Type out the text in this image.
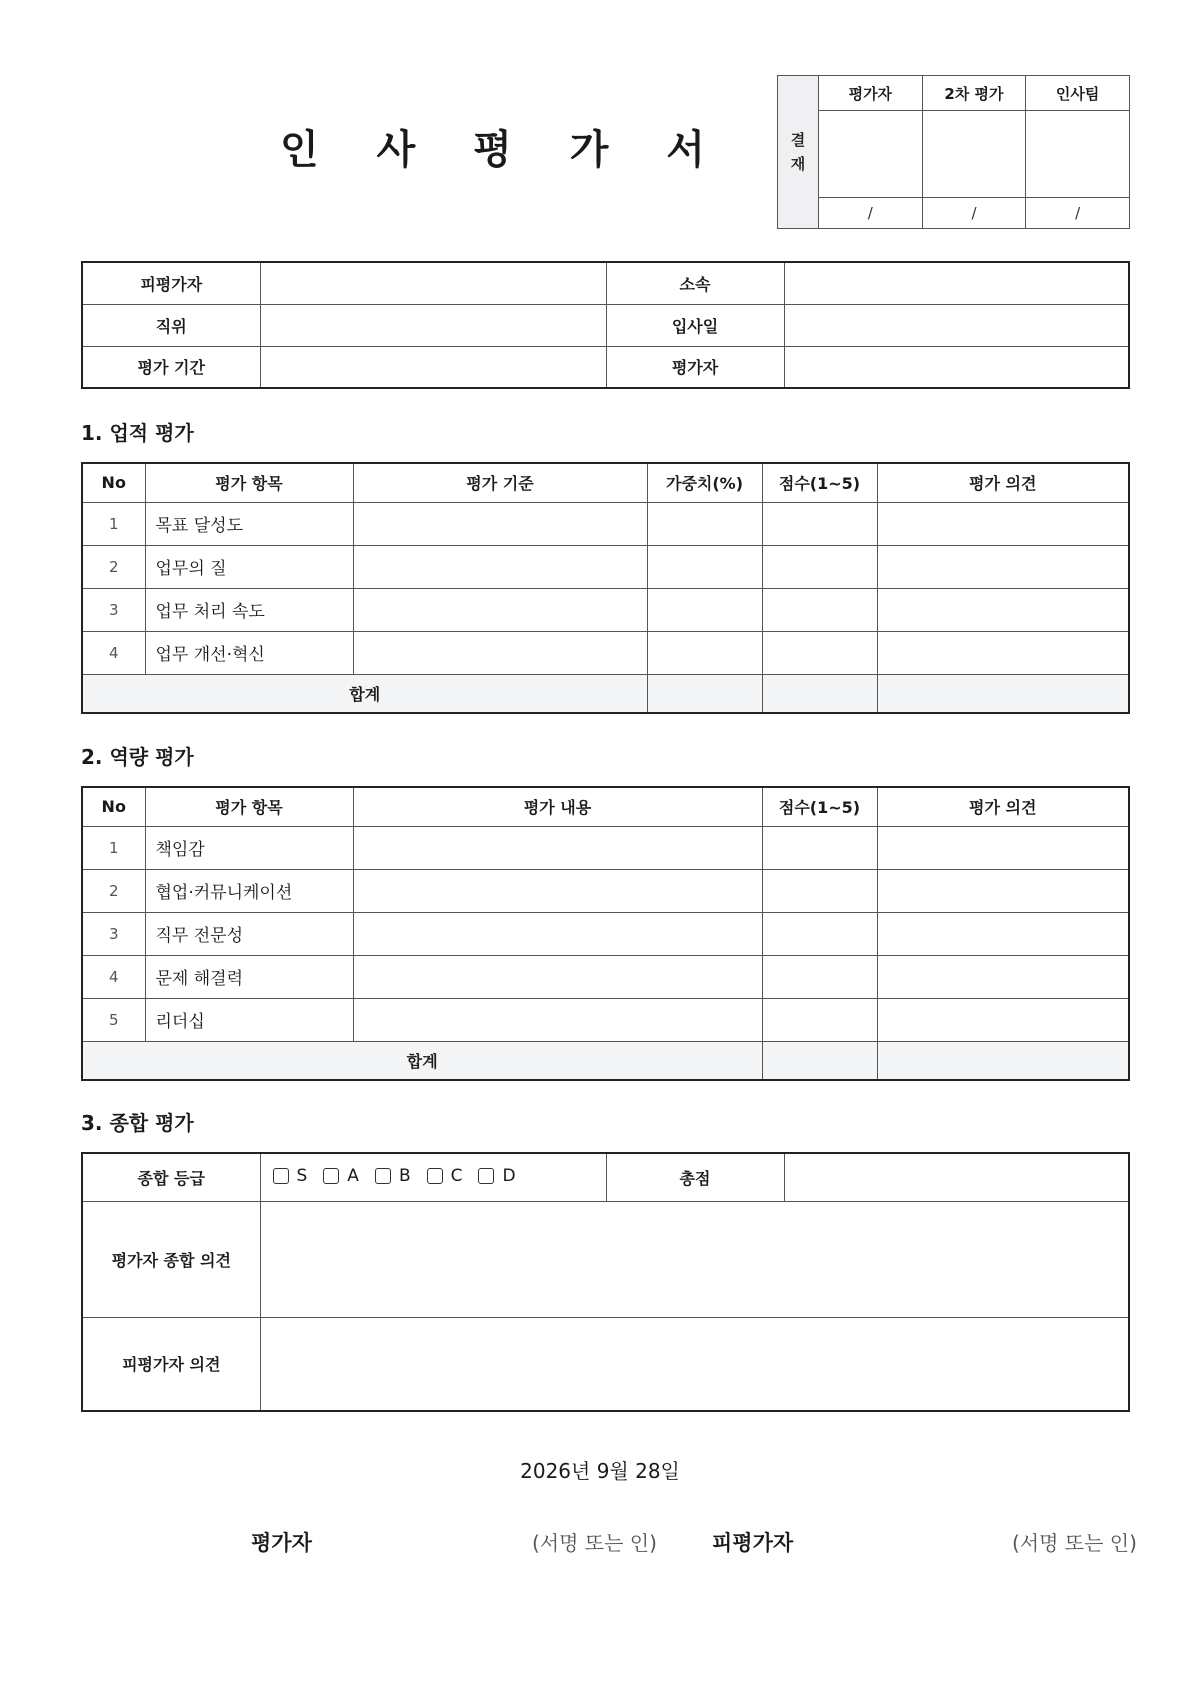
인 사 평 가 서	결
재	평가자	2차 평가	인사팀

	/	/	/
피평가자		소속	
직위		입사일	
평가 기간		평가자	
1. 업적 평가
No	평가 항목	평가 기준	가중치(%)	점수(1~5)	평가 의견
1	목표 달성도				
2	업무의 질				
3	업무 처리 속도				
4	업무 개선·혁신				
합계					
2. 역량 평가
No	평가 항목	평가 내용	점수(1~5)	평가 의견
1	책임감			
2	협업·커뮤니케이션			
3	직무 전문성			
4	문제 해결력			
5	리더십			
합계				
3. 종합 평가
종합 등급	S A B C D	총점	
평가자 종합 의견			
피평가자 의견			
2026년 9월 28일
평가자	(서명 또는 인)	피평가자	(서명 또는 인)
